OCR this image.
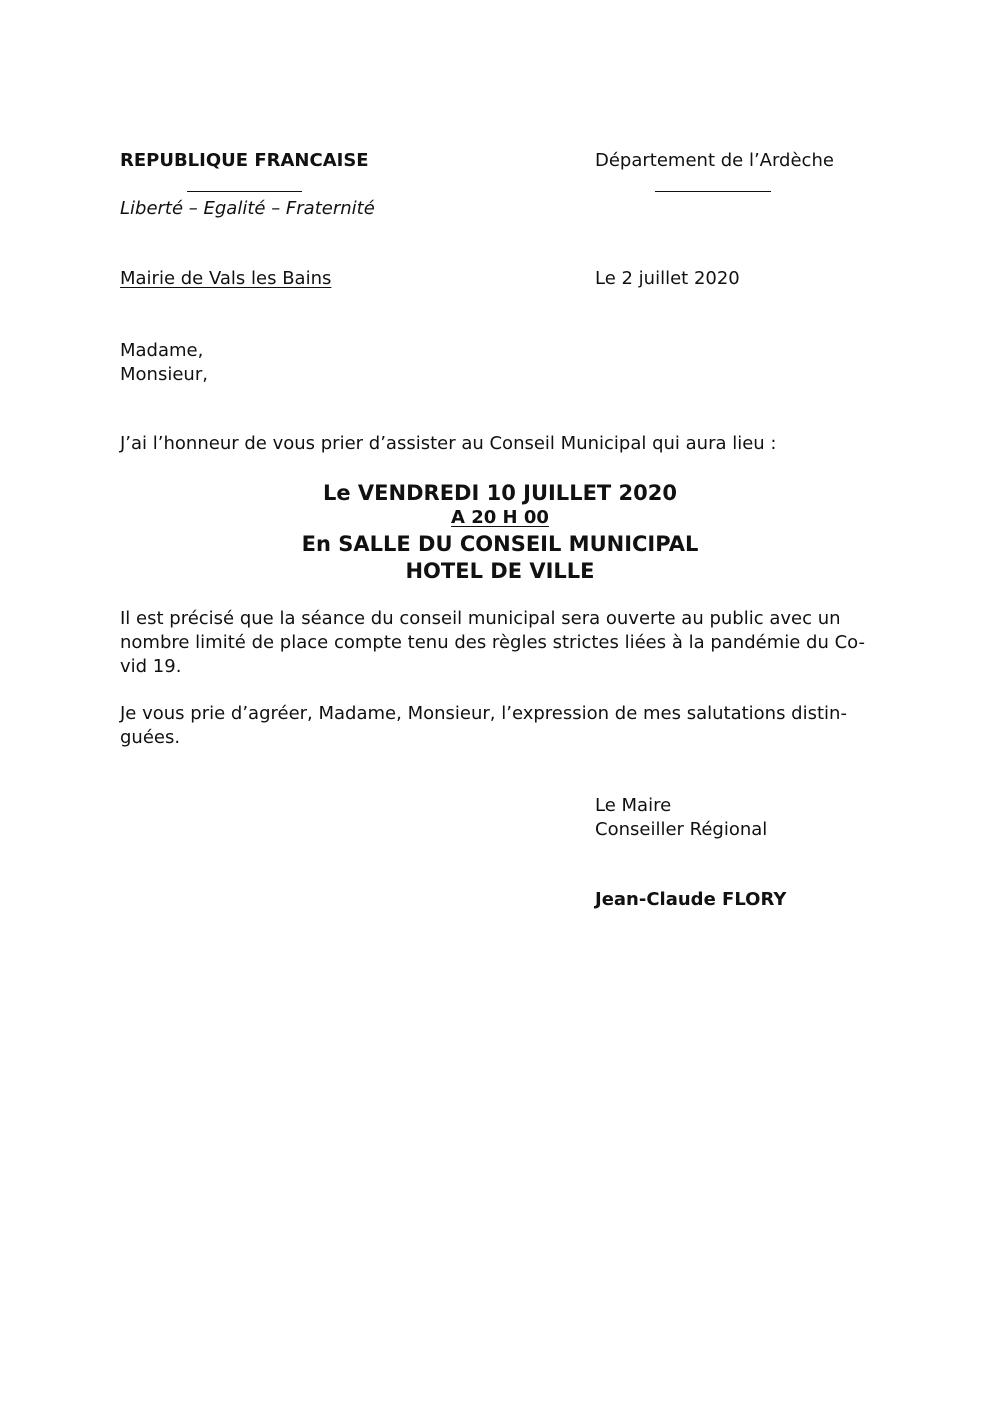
REPUBLIQUE FRANCAISE
Liberté – Egalité – Fraternité
Département de l’Ardèche
Mairie de Vals les Bains	Le 2 juillet 2020
Madame,
Monsieur,
J’ai l’honneur de vous prier d’assister au Conseil Municipal qui aura lieu :
Le VENDREDI 10 JUILLET 2020
A 20 H 00
En SALLE DU CONSEIL MUNICIPAL
HOTEL DE VILLE
Il est précisé que la séance du conseil municipal sera ouverte au public avec un
nombre limité de place compte tenu des règles strictes liées à la pandémie du Co-
vid 19.
Je vous prie d’agréer, Madame, Monsieur, l’expression de mes salutations distin-
guées.
Le Maire
Conseiller Régional
Jean-Claude FLORY
